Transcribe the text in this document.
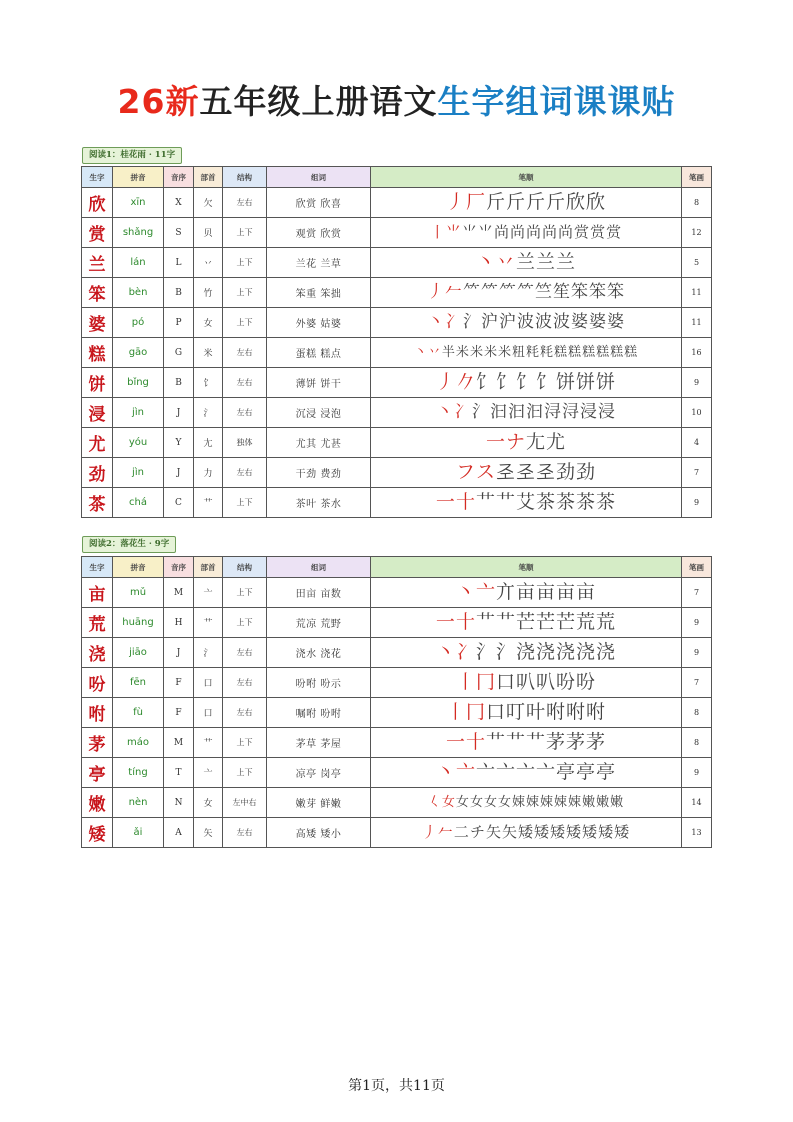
26新五年级上册语文生字组词课课贴
阅读1：桂花雨 · 11字
生字	拼音	音序	部首	结构	组词	笔顺	笔画
欣	xīn	X	欠	左右	欣赏 欣喜	丿厂斤斤斤斤欣欣	8
赏	shǎng	S	贝	上下	观赏 欣赏	丨⺌⺌⺌尚尚尚尚尚赏赏赏	12
兰	lán	L	丷	上下	兰花 兰草	丶丷兰兰兰	5
笨	bèn	B	竹	上下	笨重 笨拙	丿𠂉⺮⺮⺮⺮竺笙笨笨笨	11
婆	pó	P	女	上下	外婆 姑婆	丶冫氵沪沪波波波婆婆婆	11
糕	gāo	G	米	左右	蛋糕 糕点	丶丷半米米米米粈粍粍糕糕糕糕糕糕	16
饼	bǐng	B	饣	左右	薄饼 饼干	丿𠂊饣饣饣饣饼饼饼	9
浸	jìn	J	氵	左右	沉浸 浸泡	丶冫氵汩汩汩浔浔浸浸	10
尤	yóu	Y	尢	独体	尤其 尤甚	一ナ尢尤	4
劲	jìn	J	力	左右	干劲 费劲	フス𢀖𢀖𢀖劲劲	7
茶	chá	C	艹	上下	茶叶 茶水	一十艹艹艾茶茶茶茶	9
阅读2：落花生 · 9字
生字	拼音	音序	部首	结构	组词	笔顺	笔画
亩	mǔ	M	亠	上下	田亩 亩数	丶亠亣亩亩亩亩	7
荒	huāng	H	艹	上下	荒凉 荒野	一十艹艹芒芒芒荒荒	9
浇	jiāo	J	氵	左右	浇水 浇花	丶冫氵氵浇浇浇浇浇	9
吩	fēn	F	口	左右	吩咐 吩示	丨冂口叭叭吩吩	7
咐	fù	F	口	左右	嘱咐 吩咐	丨冂口叮叶咐咐咐	8
茅	máo	M	艹	上下	茅草 茅屋	一十艹艹艹茅茅茅	8
亭	tíng	T	亠	上下	凉亭 岗亭	丶亠亠亠亠亠亭亭亭	9
嫩	nèn	N	女	左中右	嫩芽 鲜嫩	𡿨女女女女女娕娕娕娕娕嫩嫩嫩	14
矮	ǎi	A	矢	左右	高矮 矮小	丿𠂉二チ矢矢矮矮矮矮矮矮矮	13
第1页，共11页
